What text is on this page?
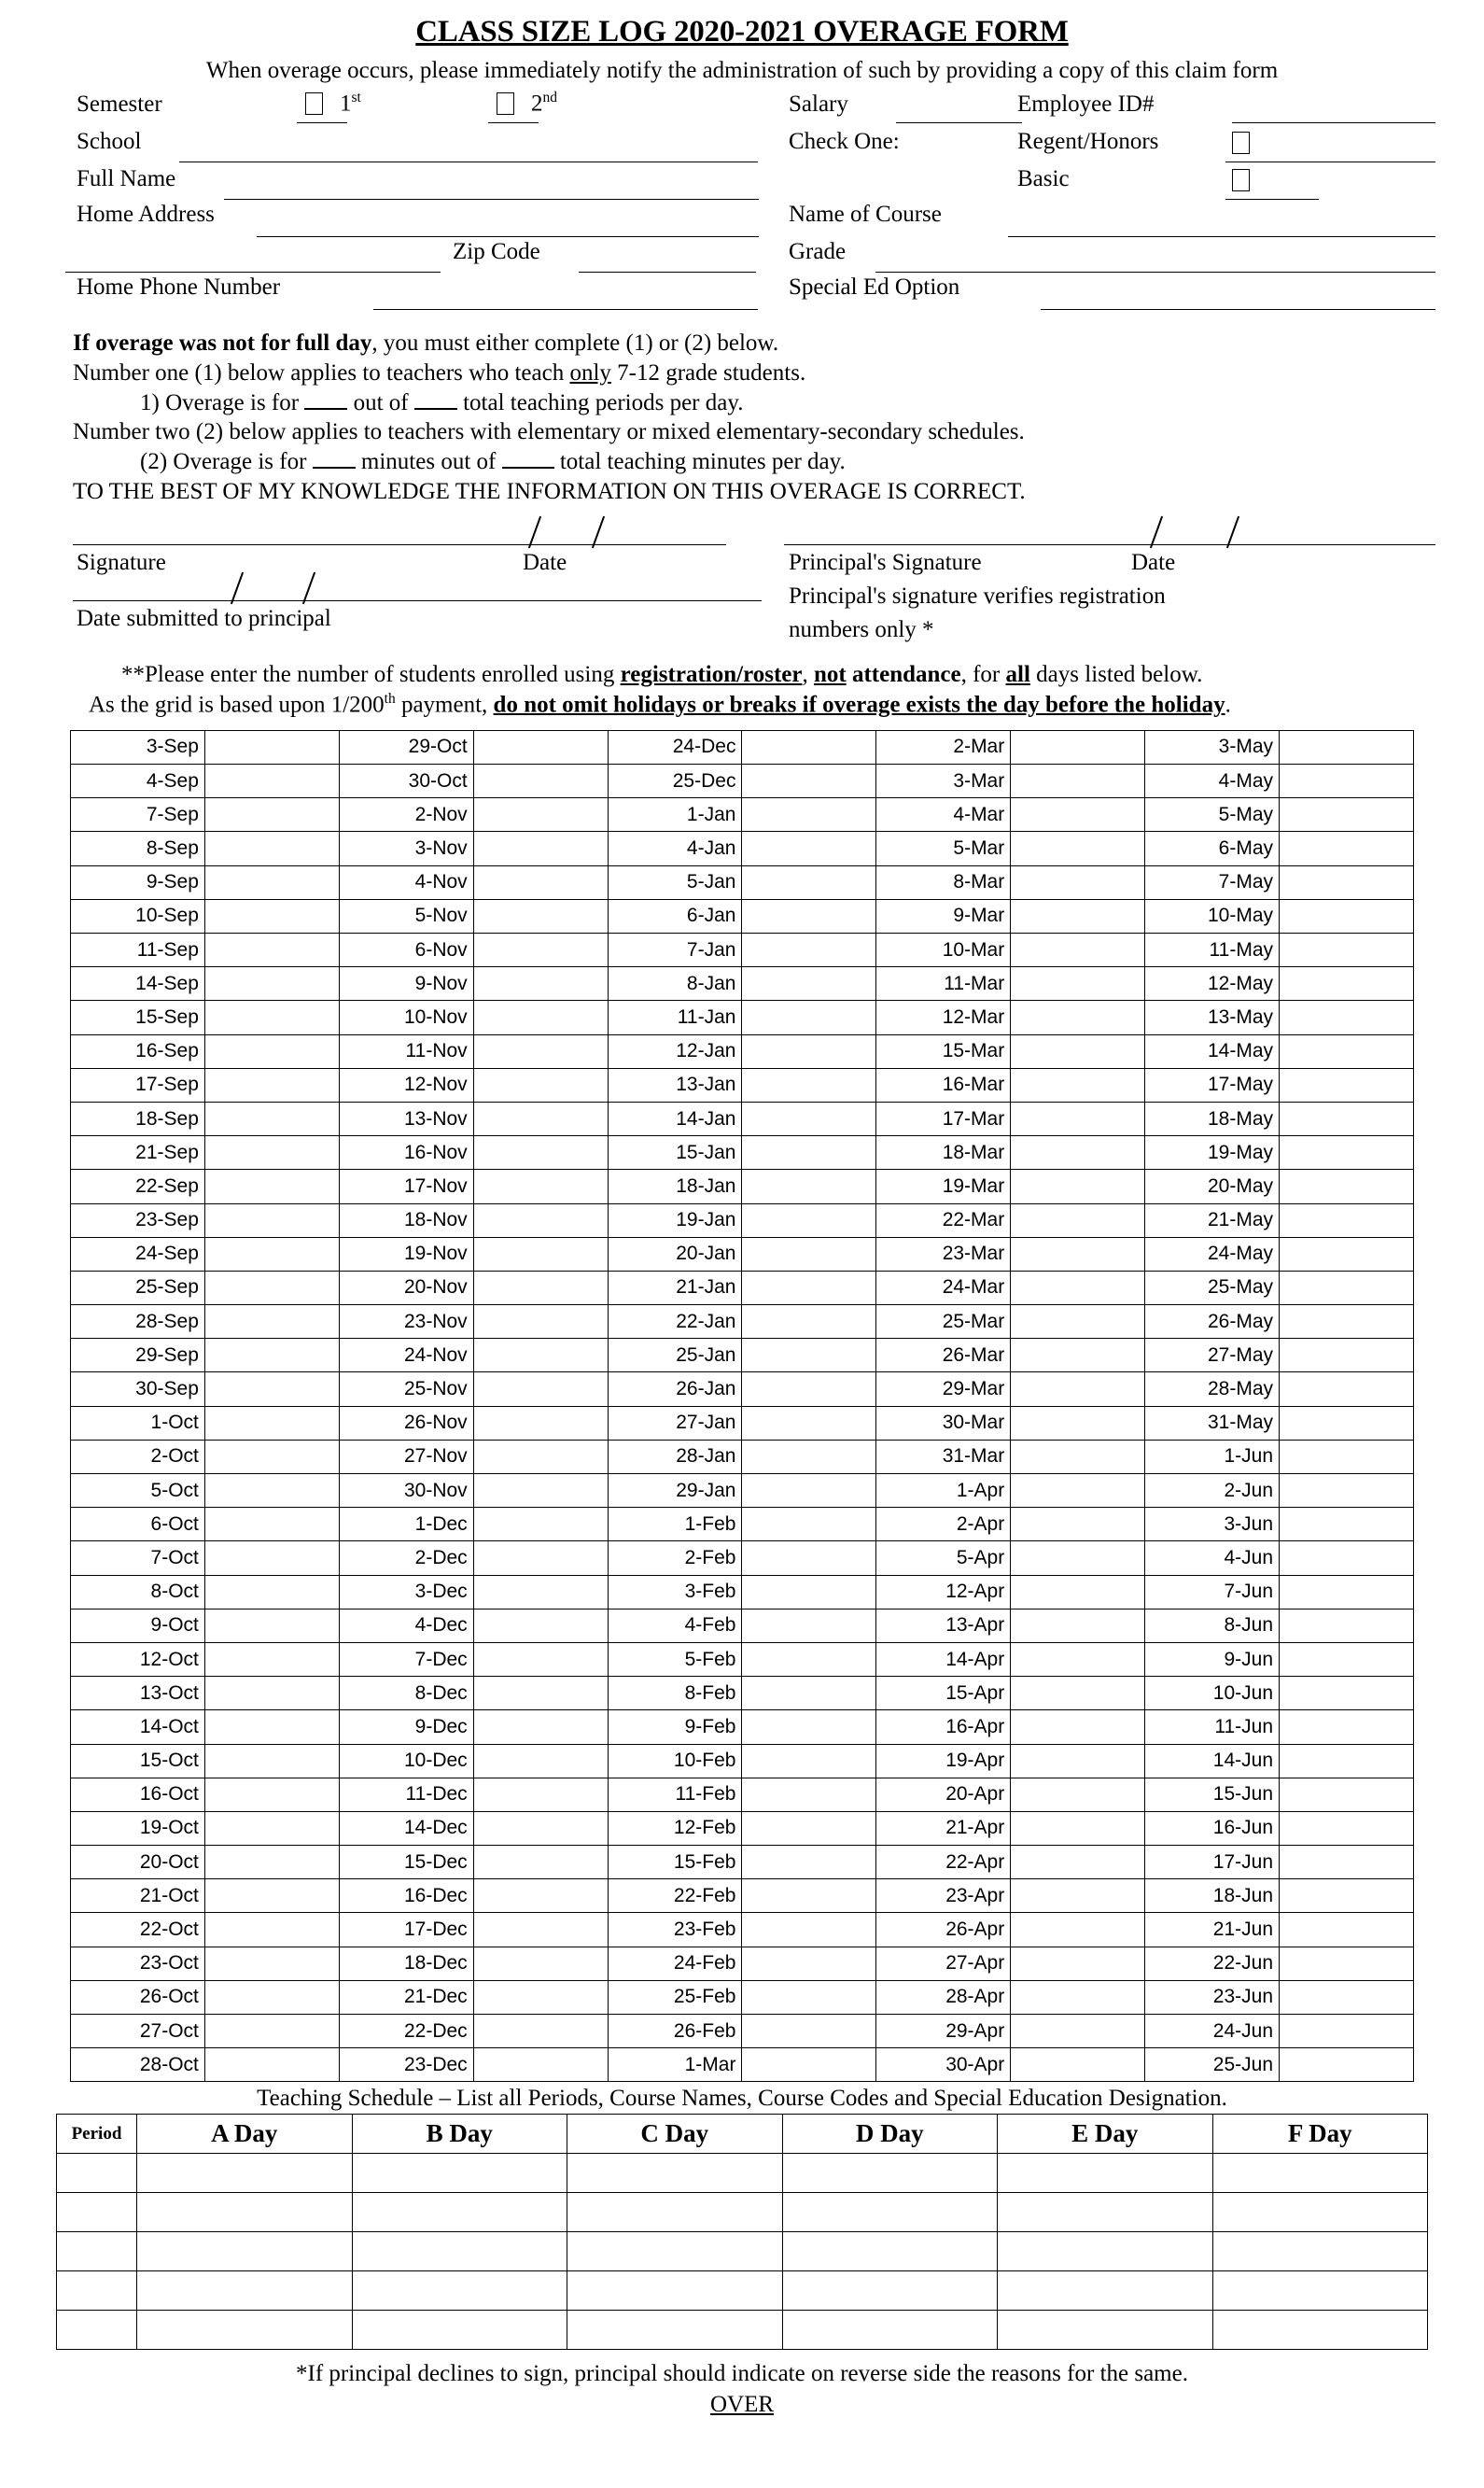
CLASS SIZE LOG 2020-2021 OVERAGE FORM
When overage occurs, please immediately notify the administration of such by providing a copy of this claim form
Semester	1st	2nd	Salary	Employee ID#
School	Check One:	Regent/Honors
Full Name	Basic
Home Address	Name of Course
Zip Code	Grade
Home Phone Number	Special Ed Option
If overage was not for full day, you must either complete (1) or (2) below.
Number one (1) below applies to teachers who teach only 7-12 grade students.
1) Overage is for  out of  total teaching periods per day.
Number two (2) below applies to teachers with elementary or mixed elementary-secondary schedules.
(2) Overage is for  minutes out of  total teaching minutes per day.
TO THE BEST OF MY KNOWLEDGE THE INFORMATION ON THIS OVERAGE IS CORRECT.
Signature	Date	Principal's Signature	Date
Date submitted to principal
Principal's signature verifies registration
numbers only *
**Please enter the number of students enrolled using registration/roster, not attendance, for all days listed below.
As the grid is based upon 1/200th payment, do not omit holidays or breaks if overage exists the day before the holiday.
3-Sep		29-Oct		24-Dec		2-Mar		3-May	
4-Sep		30-Oct		25-Dec		3-Mar		4-May	
7-Sep		2-Nov		1-Jan		4-Mar		5-May	
8-Sep		3-Nov		4-Jan		5-Mar		6-May	
9-Sep		4-Nov		5-Jan		8-Mar		7-May	
10-Sep		5-Nov		6-Jan		9-Mar		10-May	
11-Sep		6-Nov		7-Jan		10-Mar		11-May	
14-Sep		9-Nov		8-Jan		11-Mar		12-May	
15-Sep		10-Nov		11-Jan		12-Mar		13-May	
16-Sep		11-Nov		12-Jan		15-Mar		14-May	
17-Sep		12-Nov		13-Jan		16-Mar		17-May	
18-Sep		13-Nov		14-Jan		17-Mar		18-May	
21-Sep		16-Nov		15-Jan		18-Mar		19-May	
22-Sep		17-Nov		18-Jan		19-Mar		20-May	
23-Sep		18-Nov		19-Jan		22-Mar		21-May	
24-Sep		19-Nov		20-Jan		23-Mar		24-May	
25-Sep		20-Nov		21-Jan		24-Mar		25-May	
28-Sep		23-Nov		22-Jan		25-Mar		26-May	
29-Sep		24-Nov		25-Jan		26-Mar		27-May	
30-Sep		25-Nov		26-Jan		29-Mar		28-May	
1-Oct		26-Nov		27-Jan		30-Mar		31-May	
2-Oct		27-Nov		28-Jan		31-Mar		1-Jun	
5-Oct		30-Nov		29-Jan		1-Apr		2-Jun	
6-Oct		1-Dec		1-Feb		2-Apr		3-Jun	
7-Oct		2-Dec		2-Feb		5-Apr		4-Jun	
8-Oct		3-Dec		3-Feb		12-Apr		7-Jun	
9-Oct		4-Dec		4-Feb		13-Apr		8-Jun	
12-Oct		7-Dec		5-Feb		14-Apr		9-Jun	
13-Oct		8-Dec		8-Feb		15-Apr		10-Jun	
14-Oct		9-Dec		9-Feb		16-Apr		11-Jun	
15-Oct		10-Dec		10-Feb		19-Apr		14-Jun	
16-Oct		11-Dec		11-Feb		20-Apr		15-Jun	
19-Oct		14-Dec		12-Feb		21-Apr		16-Jun	
20-Oct		15-Dec		15-Feb		22-Apr		17-Jun	
21-Oct		16-Dec		22-Feb		23-Apr		18-Jun	
22-Oct		17-Dec		23-Feb		26-Apr		21-Jun	
23-Oct		18-Dec		24-Feb		27-Apr		22-Jun	
26-Oct		21-Dec		25-Feb		28-Apr		23-Jun	
27-Oct		22-Dec		26-Feb		29-Apr		24-Jun	
28-Oct		23-Dec		1-Mar		30-Apr		25-Jun	
Teaching Schedule – List all Periods, Course Names, Course Codes and Special Education Designation.
Period	A Day	B Day	C Day	D Day	E Day	F Day

*If principal declines to sign, principal should indicate on reverse side the reasons for the same.
OVER
